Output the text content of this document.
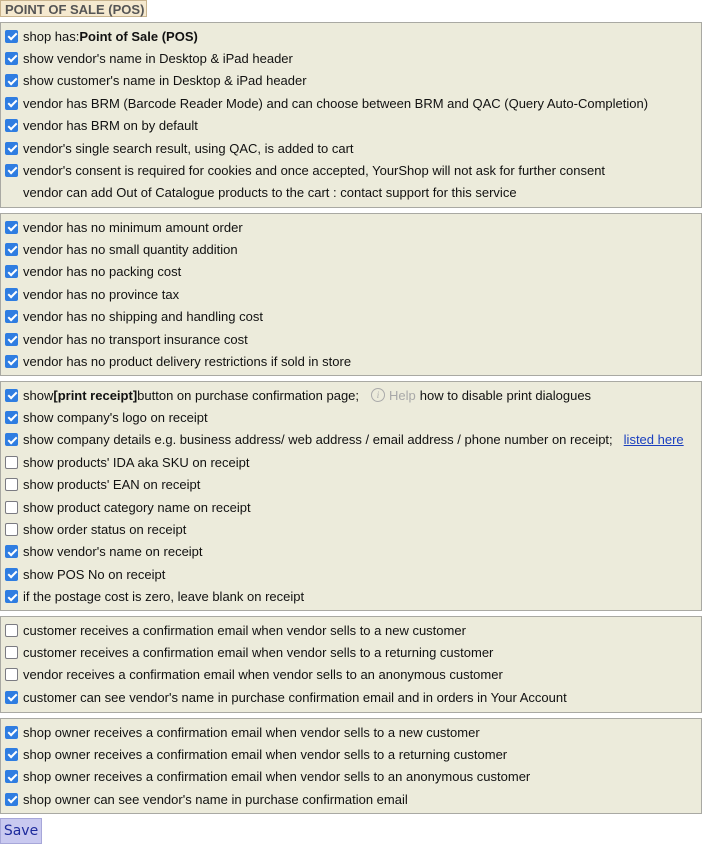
POINT OF SALE (POS)
shop has: Point of Sale (POS)
show vendor's name in Desktop & iPad header
show customer's name in Desktop & iPad header
vendor has BRM (Barcode Reader Mode) and can choose between BRM and QAC (Query Auto-Completion)
vendor has BRM on by default
vendor's single search result, using QAC, is added to cart
vendor's consent is required for cookies and once accepted, YourShop will not ask for further consent
vendor can add Out of Catalogue products to the cart : contact support for this service
vendor has no minimum amount order
vendor has no small quantity addition
vendor has no packing cost
vendor has no province tax
vendor has no shipping and handling cost
vendor has no transport insurance cost
vendor has no product delivery restrictions if sold in store
show [print receipt] button on purchase confirmation page;	i Help how to disable print dialogues
show company's logo on receipt
show company details e.g. business address/ web address / email address / phone number on receipt; listed here
show products' IDA aka SKU on receipt
show products' EAN on receipt
show product category name on receipt
show order status on receipt
show vendor's name on receipt
show POS No on receipt
if the postage cost is zero, leave blank on receipt
customer receives a confirmation email when vendor sells to a new customer
customer receives a confirmation email when vendor sells to a returning customer
vendor receives a confirmation email when vendor sells to an anonymous customer
customer can see vendor's name in purchase confirmation email and in orders in Your Account
shop owner receives a confirmation email when vendor sells to a new customer
shop owner receives a confirmation email when vendor sells to a returning customer
shop owner receives a confirmation email when vendor sells to an anonymous customer
shop owner can see vendor's name in purchase confirmation email
Save
